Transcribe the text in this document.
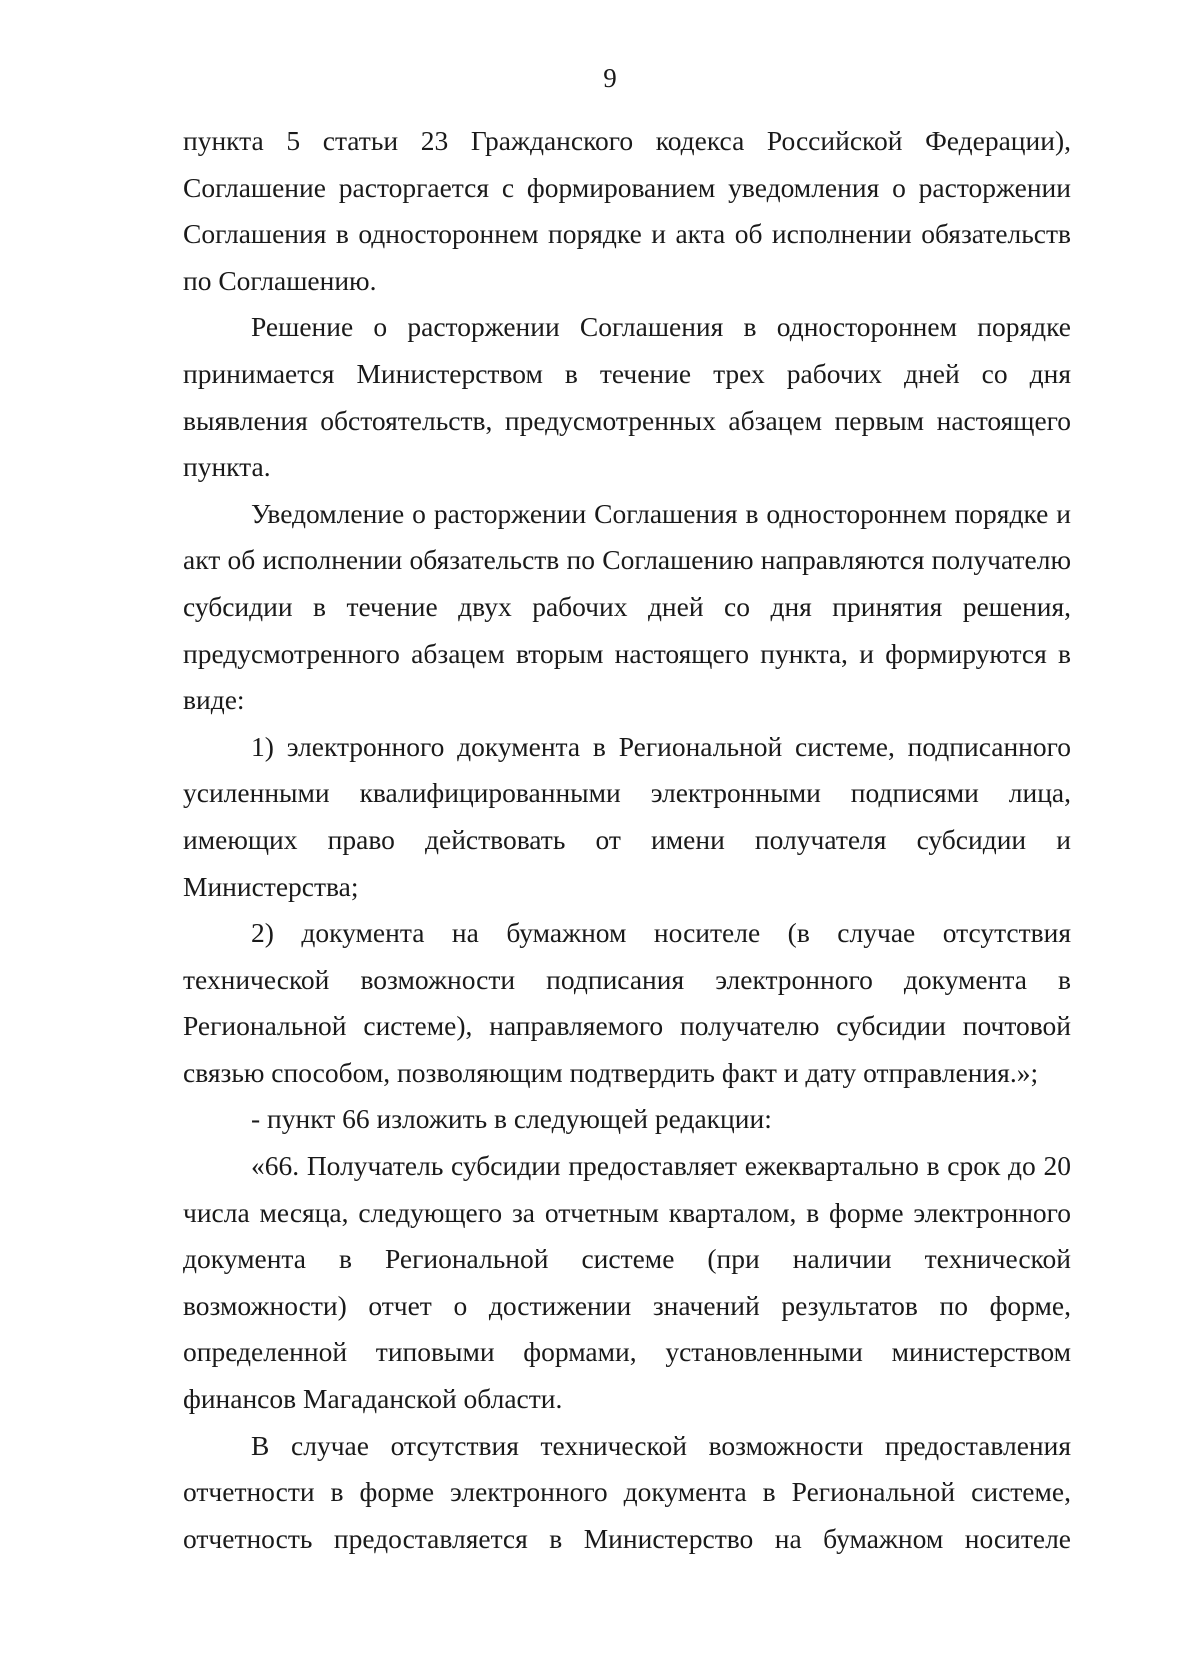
9

пункта 5 статьи 23 Гражданского кодекса Российской Федерации), Соглашение расторгается с формированием уведомления о расторжении Соглашения в одностороннем порядке и акта об исполнении обязательств по Соглашению.

Решение о расторжении Соглашения в одностороннем порядке принимается Министерством в течение трех рабочих дней со дня выявления обстоятельств, предусмотренных абзацем первым настоящего пункта.

Уведомление о расторжении Соглашения в одностороннем порядке и акт об исполнении обязательств по Соглашению направляются получателю субсидии в течение двух рабочих дней со дня принятия решения, предусмотренного абзацем вторым настоящего пункта, и формируются в виде:

1) электронного документа в Региональной системе, подписанного усиленными квалифицированными электронными подписями лица, имеющих право действовать от имени получателя субсидии и Министерства;

2) документа на бумажном носителе (в случае отсутствия технической возможности подписания электронного документа в Региональной системе), направляемого получателю субсидии почтовой связью способом, позволяющим подтвердить факт и дату отправления.»;

- пункт 66 изложить в следующей редакции:

«66. Получатель субсидии предоставляет ежеквартально в срок до 20 числа месяца, следующего за отчетным кварталом, в форме электронного документа в Региональной системе (при наличии технической возможности) отчет о достижении значений результатов по форме, определенной типовыми формами, установленными министерством финансов Магаданской области.

В случае отсутствия технической возможности предоставления отчетности в форме электронного документа в Региональной системе, отчетность предоставляется в Министерство на бумажном носителе
